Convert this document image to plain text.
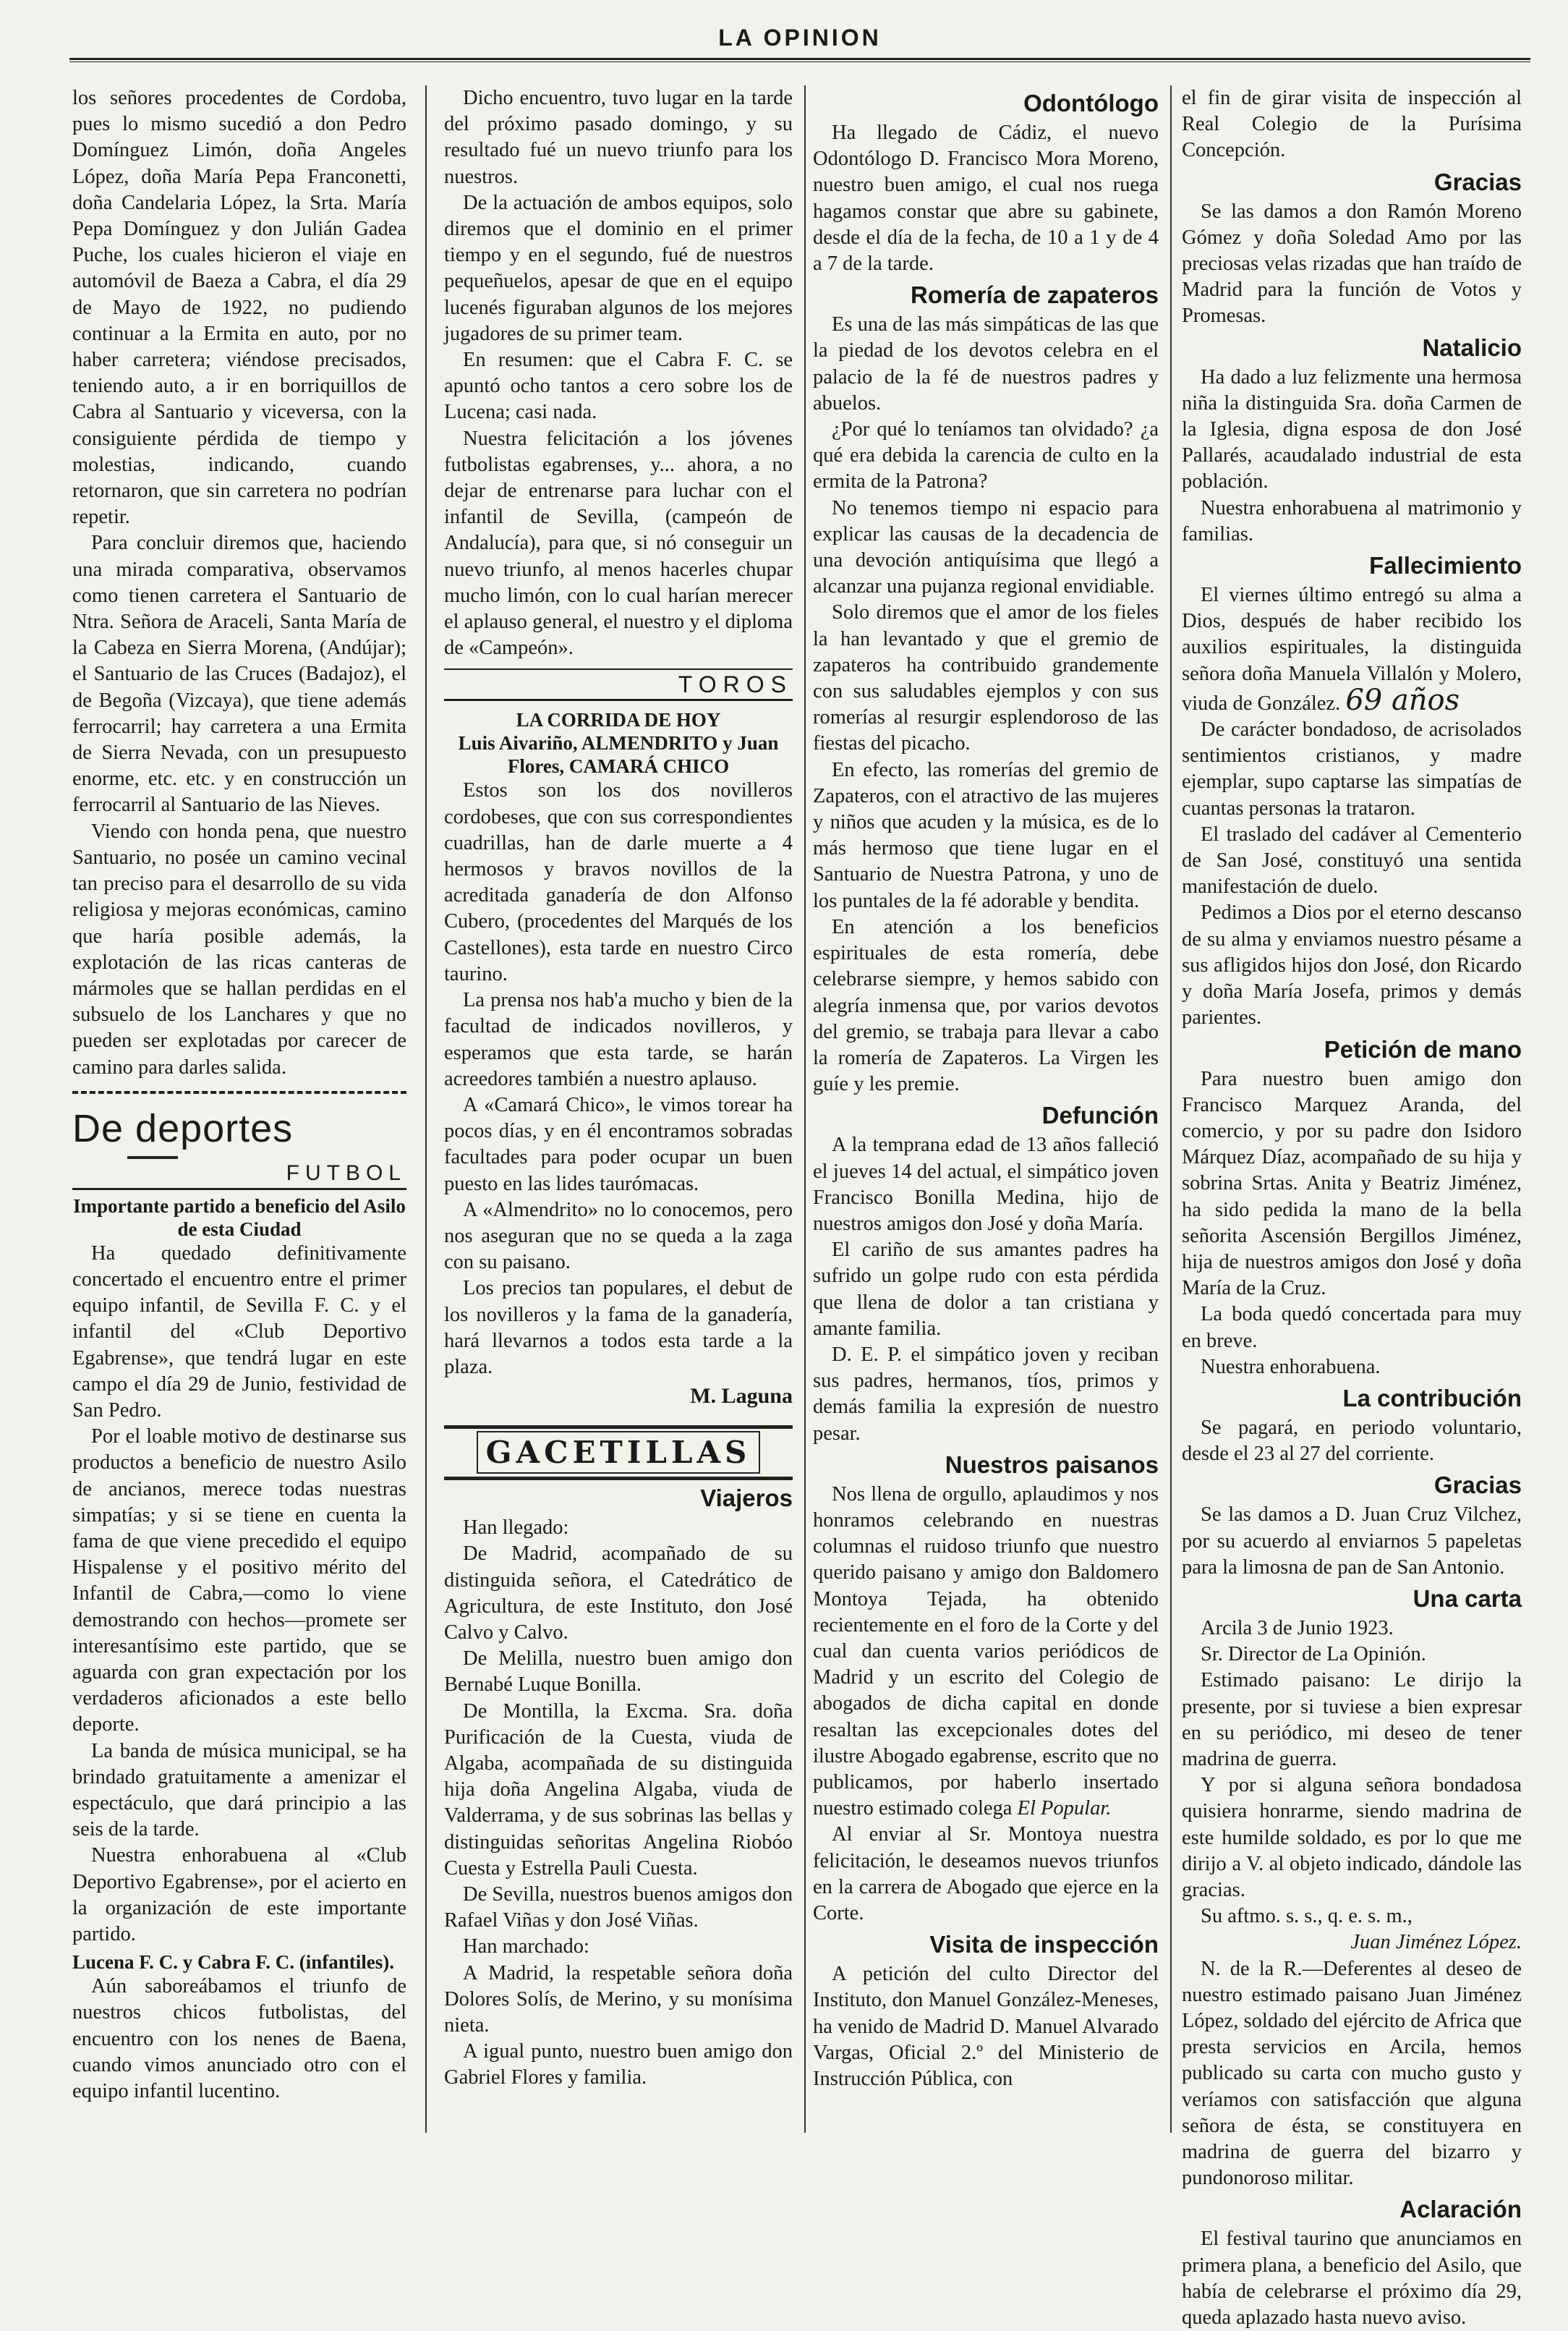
LA OPINION

los señores procedentes de Cordoba, pues lo mismo sucedió a don Pedro Domínguez Limón, doña Angeles López, doña María Pepa Franconetti, doña Candelaria López, la Srta. María Pepa Domínguez y don Julián Gadea Puche, los cuales hicieron el viaje en automóvil de Baeza a Cabra, el día 29 de Mayo de 1922, no pudiendo continuar a la Ermita en auto, por no haber carretera; viéndose precisados, teniendo auto, a ir en borriquillos de Cabra al Santuario y viceversa, con la consiguiente pérdida de tiempo y molestias, indicando, cuando retornaron, que sin carretera no podrían repetir.

Para concluir diremos que, haciendo una mirada comparativa, observamos como tienen carretera el Santuario de Ntra. Señora de Araceli, Santa María de la Cabeza en Sierra Morena, (Andújar); el Santuario de las Cruces (Badajoz), el de Begoña (Vizcaya), que tiene además ferrocarril; hay carretera a una Ermita de Sierra Nevada, con un presupuesto enorme, etc. etc. y en construcción un ferrocarril al Santuario de las Nieves.

Viendo con honda pena, que nuestro Santuario, no posée un camino vecinal tan preciso para el desarrollo de su vida religiosa y mejoras económicas, camino que haría posible además, la explotación de las ricas canteras de mármoles que se hallan perdidas en el subsuelo de los Lanchares y que no pueden ser explotadas por carecer de camino para darles salida.

De deportes
FUTBOL
Importante partido a beneficio del Asilo de esta Ciudad

Ha quedado definitivamente concertado el encuentro entre el primer equipo infantil, de Sevilla F. C. y el infantil del «Club Deportivo Egabrense», que tendrá lugar en este campo el día 29 de Junio, festividad de San Pedro.

Por el loable motivo de destinarse sus productos a beneficio de nuestro Asilo de ancianos, merece todas nuestras simpatías; y si se tiene en cuenta la fama de que viene precedido el equipo Hispalense y el positivo mérito del Infantil de Cabra,—como lo viene demostrando con hechos—promete ser interesantísimo este partido, que se aguarda con gran expectación por los verdaderos aficionados a este bello deporte.

La banda de música municipal, se ha brindado gratuitamente a amenizar el espectáculo, que dará principio a las seis de la tarde.

Nuestra enhorabuena al «Club Deportivo Egabrense», por el acierto en la organización de este importante partido.

Lucena F. C. y Cabra F. C. (infantiles).

Aún saboreábamos el triunfo de nuestros chicos futbolistas, del encuentro con los nenes de Baena, cuando vimos anunciado otro con el equipo infantil lucentino.

Dicho encuentro, tuvo lugar en la tarde del próximo pasado domingo, y su resultado fué un nuevo triunfo para los nuestros.

De la actuación de ambos equipos, solo diremos que el dominio en el primer tiempo y en el segundo, fué de nuestros pequeñuelos, apesar de que en el equipo lucenés figuraban algunos de los mejores jugadores de su primer team.

En resumen: que el Cabra F. C. se apuntó ocho tantos a cero sobre los de Lucena; casi nada.

Nuestra felicitación a los jóvenes futbolistas egabrenses, y... ahora, a no dejar de entrenarse para luchar con el infantil de Sevilla, (campeón de Andalucía), para que, si nó conseguir un nuevo triunfo, al menos hacerles chupar mucho limón, con lo cual harían merecer el aplauso general, el nuestro y el diploma de «Campeón».

TOROS
LA CORRIDA DE HOY
Luis Aivariño, ALMENDRITO y Juan Flores, CAMARÁ CHICO

Estos son los dos novilleros cordobeses, que con sus correspondientes cuadrillas, han de darle muerte a 4 hermosos y bravos novillos de la acreditada ganadería de don Alfonso Cubero, (procedentes del Marqués de los Castellones), esta tarde en nuestro Circo taurino.

La prensa nos hab'a mucho y bien de la facultad de indicados novilleros, y esperamos que esta tarde, se harán acreedores también a nuestro aplauso.

A «Camará Chico», le vimos torear ha pocos días, y en él encontramos sobradas facultades para poder ocupar un buen puesto en las lides taurómacas.

A «Almendrito» no lo conocemos, pero nos aseguran que no se queda a la zaga con su paisano.

Los precios tan populares, el debut de los novilleros y la fama de la ganadería, hará llevarnos a todos esta tarde a la plaza.

M. Laguna
GACETILLAS
Viajeros

Han llegado:

De Madrid, acompañado de su distinguida señora, el Catedrático de Agricultura, de este Instituto, don José Calvo y Calvo.

De Melilla, nuestro buen amigo don Bernabé Luque Bonilla.

De Montilla, la Excma. Sra. doña Purificación de la Cuesta, viuda de Algaba, acompañada de su distinguida hija doña Angelina Algaba, viuda de Valderrama, y de sus sobrinas las bellas y distinguidas señoritas Angelina Riobóo Cuesta y Estrella Pauli Cuesta.

De Sevilla, nuestros buenos amigos don Rafael Viñas y don José Viñas.

Han marchado:

A Madrid, la respetable señora doña Dolores Solís, de Merino, y su monísima nieta.

A igual punto, nuestro buen amigo don Gabriel Flores y familia.

Odontólogo

Ha llegado de Cádiz, el nuevo Odontólogo D. Francisco Mora Moreno, nuestro buen amigo, el cual nos ruega hagamos constar que abre su gabinete, desde el día de la fecha, de 10 a 1 y de 4 a 7 de la tarde.

Romería de zapateros

Es una de las más simpáticas de las que la piedad de los devotos celebra en el palacio de la fé de nuestros padres y abuelos.

¿Por qué lo teníamos tan olvidado? ¿a qué era debida la carencia de culto en la ermita de la Patrona?

No tenemos tiempo ni espacio para explicar las causas de la decadencia de una devoción antiquísima que llegó a alcanzar una pujanza regional envidiable.

Solo diremos que el amor de los fieles la han levantado y que el gremio de zapateros ha contribuido grandemente con sus saludables ejemplos y con sus romerías al resurgir esplendoroso de las fiestas del picacho.

En efecto, las romerías del gremio de Zapateros, con el atractivo de las mujeres y niños que acuden y la música, es de lo más hermoso que tiene lugar en el Santuario de Nuestra Patrona, y uno de los puntales de la fé adorable y bendita.

En atención a los beneficios espirituales de esta romería, debe celebrarse siempre, y hemos sabido con alegría inmensa que, por varios devotos del gremio, se trabaja para llevar a cabo la romería de Zapateros. La Virgen les guíe y les premie.

Defunción

A la temprana edad de 13 años falleció el jueves 14 del actual, el simpático joven Francisco Bonilla Medina, hijo de nuestros amigos don José y doña María.

El cariño de sus amantes padres ha sufrido un golpe rudo con esta pérdida que llena de dolor a tan cristiana y amante familia.

D. E. P. el simpático joven y reciban sus padres, hermanos, tíos, primos y demás familia la expresión de nuestro pesar.

Nuestros paisanos

Nos llena de orgullo, aplaudimos y nos honramos celebrando en nuestras columnas el ruidoso triunfo que nuestro querido paisano y amigo don Baldomero Montoya Tejada, ha obtenido recientemente en el foro de la Corte y del cual dan cuenta varios periódicos de Madrid y un escrito del Colegio de abogados de dicha capital en donde resaltan las excepcionales dotes del ilustre Abogado egabrense, escrito que no publicamos, por haberlo insertado nuestro estimado colega El Popular.

Al enviar al Sr. Montoya nuestra felicitación, le deseamos nuevos triunfos en la carrera de Abogado que ejerce en la Corte.

Visita de inspección

A petición del culto Director del Instituto, don Manuel González-Meneses, ha venido de Madrid D. Manuel Alvarado Vargas, Oficial 2.º del Ministerio de Instrucción Pública, con

el fin de girar visita de inspección al Real Colegio de la Purísima Concepción.

Gracias

Se las damos a don Ramón Moreno Gómez y doña Soledad Amo por las preciosas velas rizadas que han traído de Madrid para la función de Votos y Promesas.

Natalicio

Ha dado a luz felizmente una hermosa niña la distinguida Sra. doña Carmen de la Iglesia, digna esposa de don José Pallarés, acaudalado industrial de esta población.

Nuestra enhorabuena al matrimonio y familias.

Fallecimiento

El viernes último entregó su alma a Dios, después de haber recibido los auxilios espirituales, la distinguida señora doña Manuela Villalón y Molero, viuda de González. 69 años

De carácter bondadoso, de acrisolados sentimientos cristianos, y madre ejemplar, supo captarse las simpatías de cuantas personas la trataron.

El traslado del cadáver al Cementerio de San José, constituyó una sentida manifestación de duelo.

Pedimos a Dios por el eterno descanso de su alma y enviamos nuestro pésame a sus afligidos hijos don José, don Ricardo y doña María Josefa, primos y demás parientes.

Petición de mano

Para nuestro buen amigo don Francisco Marquez Aranda, del comercio, y por su padre don Isidoro Márquez Díaz, acompañado de su hija y sobrina Srtas. Anita y Beatriz Jiménez, ha sido pedida la mano de la bella señorita Ascensión Bergillos Jiménez, hija de nuestros amigos don José y doña María de la Cruz.

La boda quedó concertada para muy en breve.

Nuestra enhorabuena.

La contribución

Se pagará, en periodo voluntario, desde el 23 al 27 del corriente.

Gracias

Se las damos a D. Juan Cruz Vilchez, por su acuerdo al enviarnos 5 papeletas para la limosna de pan de San Antonio.

Una carta

Arcila 3 de Junio 1923.

Sr. Director de La Opinión.

Estimado paisano: Le dirijo la presente, por si tuviese a bien expresar en su periódico, mi deseo de tener madrina de guerra.

Y por si alguna señora bondadosa quisiera honrarme, siendo madrina de este humilde soldado, es por lo que me dirijo a V. al objeto indicado, dándole las gracias.

Su aftmo. s. s., q. e. s. m.,

Juan Jiménez López.

N. de la R.—Deferentes al deseo de nuestro estimado paisano Juan Jiménez López, soldado del ejército de Africa que presta servicios en Arcila, hemos publicado su carta con mucho gusto y veríamos con satisfacción que alguna señora de ésta, se constituyera en madrina de guerra del bizarro y pundonoroso militar.

Aclaración

El festival taurino que anunciamos en primera plana, a beneficio del Asilo, que había de celebrarse el próximo día 29, queda aplazado hasta nuevo aviso.
